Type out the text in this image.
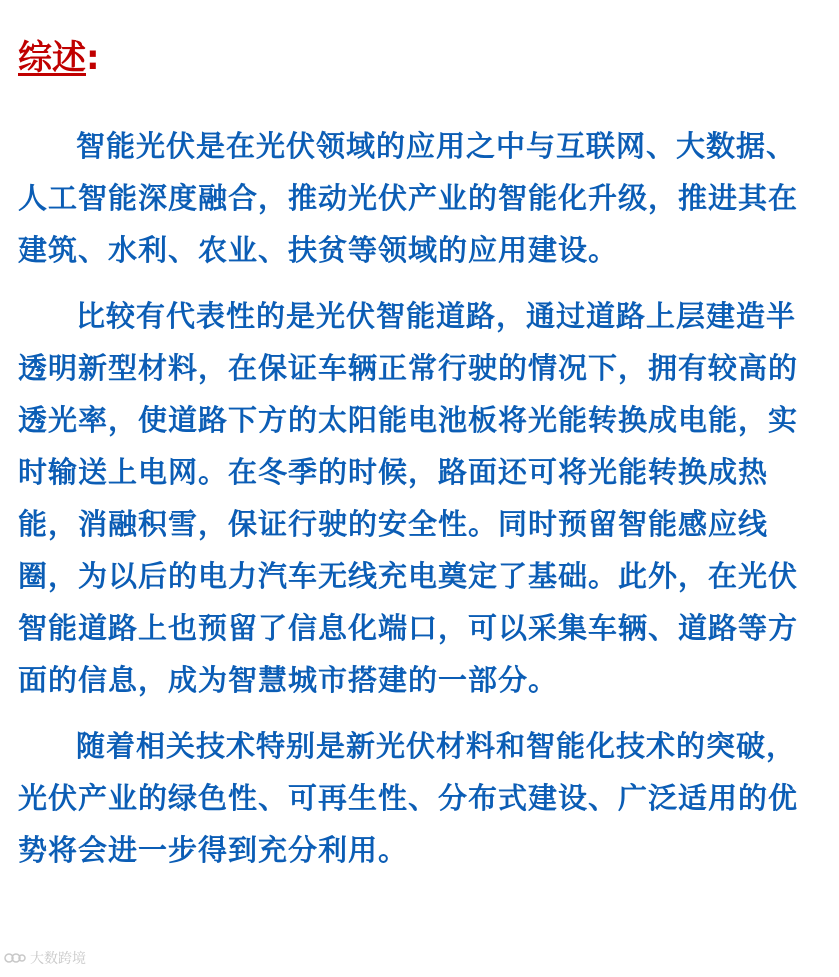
综述:

智能光伏是在光伏领域的应用之中与互联网、大数据、人工智能深度融合，推动光伏产业的智能化升级，推进其在建筑、水利、农业、扶贫等领域的应用建设。

比较有代表性的是光伏智能道路，通过道路上层建造半透明新型材料，在保证车辆正常行驶的情况下，拥有较高的透光率，使道路下方的太阳能电池板将光能转换成电能，实时输送上电网。在冬季的时候，路面还可将光能转换成热能，消融积雪，保证行驶的安全性。同时预留智能感应线圈，为以后的电力汽车无线充电奠定了基础。此外，在光伏智能道路上也预留了信息化端口，可以采集车辆、道路等方面的信息，成为智慧城市搭建的一部分。

随着相关技术特别是新光伏材料和智能化技术的突破，光伏产业的绿色性、可再生性、分布式建设、广泛适用的优势将会进一步得到充分利用。

大数跨境
